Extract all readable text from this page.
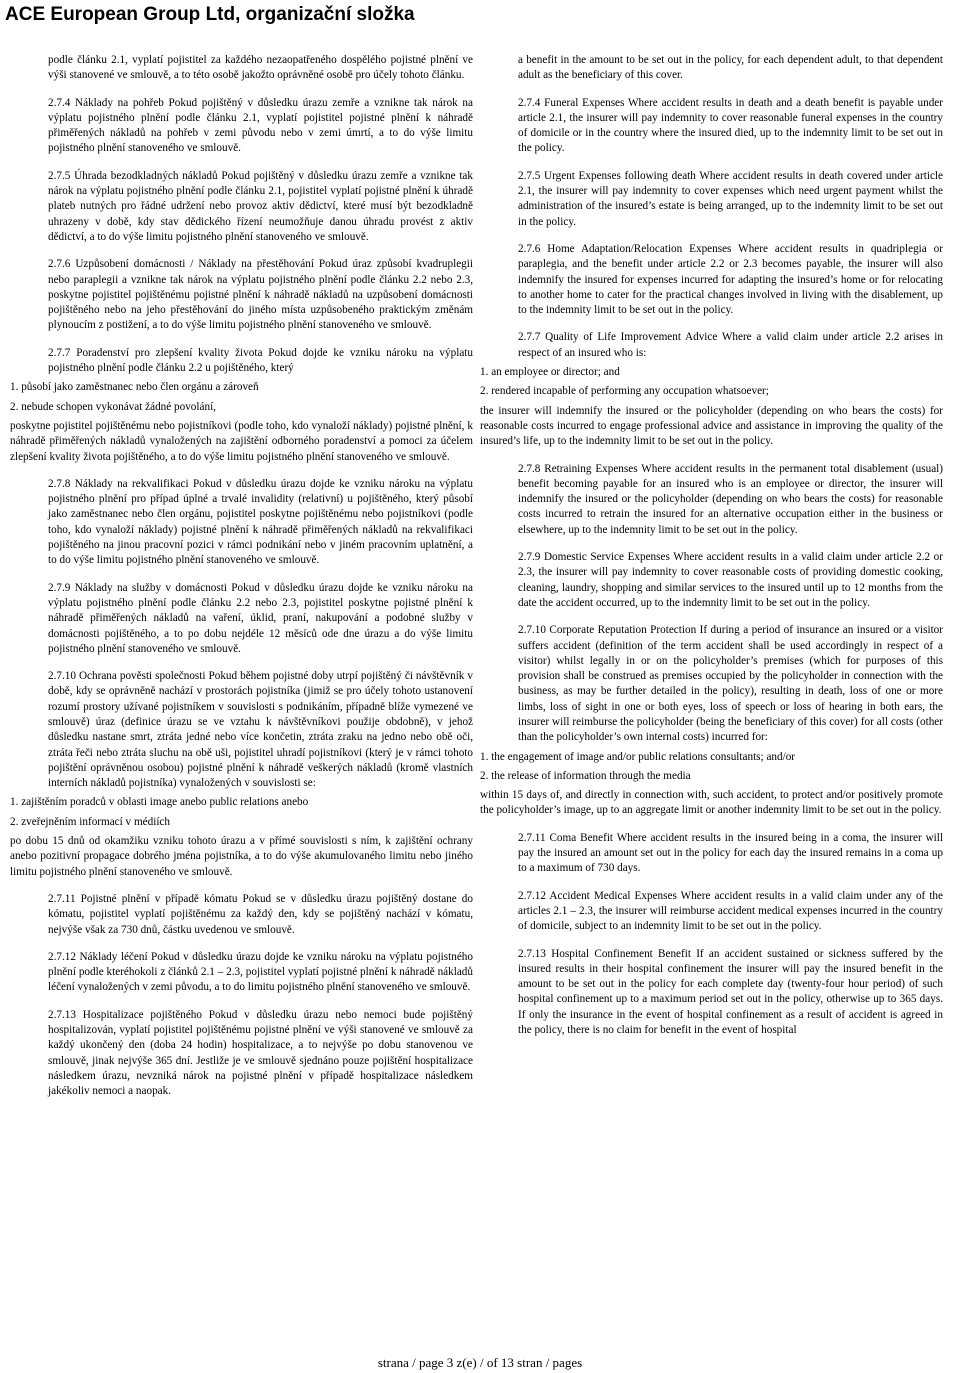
ACE European Group Ltd, organizační složka
podle článku 2.1, vyplatí pojistitel za každého nezaopatřeného dospělého pojistné plnění ve výši stanovené ve smlouvě, a to této osobě jakožto oprávněné osobě pro účely tohoto článku.
2.7.4 Náklady na pohřeb Pokud pojištěný v důsledku úrazu zemře a vznikne tak nárok na výplatu pojistného plnění podle článku 2.1, vyplatí pojistitel pojistné plnění k náhradě přiměřených nákladů na pohřeb v zemi původu nebo v zemi úmrtí, a to do výše limitu pojistného plnění stanoveného ve smlouvě.
2.7.5 Úhrada bezodkladných nákladů Pokud pojištěný v důsledku úrazu zemře a vznikne tak nárok na výplatu pojistného plnění podle článku 2.1, pojistitel vyplatí pojistné plnění k úhradě plateb nutných pro řádné udržení nebo provoz aktiv dědictví, které musí být bezodkladně uhrazeny v době, kdy stav dědického řízení neumožňuje danou úhradu provést z aktiv dědictví, a to do výše limitu pojistného plnění stanoveného ve smlouvě.
2.7.6 Uzpůsobení domácnosti / Náklady na přestěhování Pokud úraz způsobí kvadruplegii nebo paraplegii a vznikne tak nárok na výplatu pojistného plnění podle článku 2.2 nebo 2.3, poskytne pojistitel pojištěnému pojistné plnění k náhradě nákladů na uzpůsobení domácnosti pojištěného nebo na jeho přestěhování do jiného místa uzpůsobeného praktickým změnám plynoucím z postižení, a to do výše limitu pojistného plnění stanoveného ve smlouvě.
2.7.7 Poradenství pro zlepšení kvality života Pokud dojde ke vzniku nároku na výplatu pojistného plnění podle článku 2.2 u pojištěného, který
1. působí jako zaměstnanec nebo člen orgánu a zároveň
2. nebude schopen vykonávat žádné povolání,
poskytne pojistitel pojištěnému nebo pojistníkovi (podle toho, kdo vynaloží náklady) pojistné plnění, k náhradě přiměřených nákladů vynaložených na zajištění odborného poradenství a pomoci za účelem zlepšení kvality života pojištěného, a to do výše limitu pojistného plnění stanoveného ve smlouvě.
2.7.8 Náklady na rekvalifikaci Pokud v důsledku úrazu dojde ke vzniku nároku na výplatu pojistného plnění pro případ úplné a trvalé invalidity (relativní) u pojištěného, který působí jako zaměstnanec nebo člen orgánu, pojistitel poskytne pojištěnému nebo pojistníkovi (podle toho, kdo vynaloží náklady) pojistné plnění k náhradě přiměřených nákladů na rekvalifikaci pojištěného na jinou pracovní pozici v rámci podnikání nebo v jiném pracovním uplatnění, a to do výše limitu pojistného plnění stanoveného ve smlouvě.
2.7.9 Náklady na služby v domácnosti Pokud v důsledku úrazu dojde ke vzniku nároku na výplatu pojistného plnění podle článku 2.2 nebo 2.3, pojistitel poskytne pojistné plnění k náhradě přiměřených nákladů na vaření, úklid, praní, nakupování a podobné služby v domácnosti pojištěného, a to po dobu nejdéle 12 měsíců ode dne úrazu a do výše limitu pojistného plnění stanoveného ve smlouvě.
2.7.10 Ochrana pověsti společnosti Pokud během pojistné doby utrpí pojištěný či návštěvník v době, kdy se oprávněně nachází v prostorách pojistníka (jimiž se pro účely tohoto ustanovení rozumí prostory užívané pojistníkem v souvislosti s podnikáním, případně blíže vymezené ve smlouvě) úraz (definice úrazu se ve vztahu k návštěvníkovi použije obdobně), v jehož důsledku nastane smrt, ztráta jedné nebo více končetin, ztráta zraku na jedno nebo obě oči, ztráta řeči nebo ztráta sluchu na obě uši, pojistitel uhradí pojistníkovi (který je v rámci tohoto pojištění oprávněnou osobou) pojistné plnění k náhradě veškerých nákladů (kromě vlastních interních nákladů pojistníka) vynaložených v souvislosti se:
1. zajištěním poradců v oblasti image anebo public relations anebo
2. zveřejněním informací v médiích
po dobu 15 dnů od okamžiku vzniku tohoto úrazu a v přímé souvislosti s ním, k zajištění ochrany anebo pozitivní propagace dobrého jména pojistníka, a to do výše akumulovaného limitu nebo jiného limitu pojistného plnění stanoveného ve smlouvě.
2.7.11 Pojistné plnění v případě kómatu Pokud se v důsledku úrazu pojištěný dostane do kómatu, pojistitel vyplatí pojištěnému za každý den, kdy se pojištěný nachází v kómatu, nejvýše však za 730 dnů, částku uvedenou ve smlouvě.
2.7.12 Náklady léčení Pokud v důsledku úrazu dojde ke vzniku nároku na výplatu pojistného plnění podle kteréhokoli z článků 2.1 – 2.3, pojistitel vyplatí pojistné plnění k náhradě nákladů léčení vynaložených v zemi původu, a to do limitu pojistného plnění stanoveného ve smlouvě.
2.7.13 Hospitalizace pojištěného Pokud v důsledku úrazu nebo nemoci bude pojištěný hospitalizován, vyplatí pojistitel pojištěnému pojistné plnění ve výši stanovené ve smlouvě za každý ukončený den (doba 24 hodin) hospitalizace, a to nejvýše po dobu stanovenou ve smlouvě, jinak nejvýše 365 dní. Jestliže je ve smlouvě sjednáno pouze pojištění hospitalizace následkem úrazu, nevzniká nárok na pojistné plnění v případě hospitalizace následkem jakékoliv nemoci a naopak.
a benefit in the amount to be set out in the policy, for each dependent adult, to that dependent adult as the beneficiary of this cover.
2.7.4 Funeral Expenses Where accident results in death and a death benefit is payable under article 2.1, the insurer will pay indemnity to cover reasonable funeral expenses in the country of domicile or in the country where the insured died, up to the indemnity limit to be set out in the policy.
2.7.5 Urgent Expenses following death Where accident results in death covered under article 2.1, the insurer will pay indemnity to cover expenses which need urgent payment whilst the administration of the insured’s estate is being arranged, up to the indemnity limit to be set out in the policy.
2.7.6 Home Adaptation/Relocation Expenses Where accident results in quadriplegia or paraplegia, and the benefit under article 2.2 or 2.3 becomes payable, the insurer will also indemnify the insured for expenses incurred for adapting the insured’s home or for relocating to another home to cater for the practical changes involved in living with the disablement, up to the indemnity limit to be set out in the policy.
2.7.7 Quality of Life Improvement Advice Where a valid claim under article 2.2 arises in respect of an insured who is:
1. an employee or director; and
2. rendered incapable of performing any occupation whatsoever;
the insurer will indemnify the insured or the policyholder (depending on who bears the costs) for reasonable costs incurred to engage professional advice and assistance in improving the quality of the insured’s life, up to the indemnity limit to be set out in the policy.
2.7.8 Retraining Expenses Where accident results in the permanent total disablement (usual) benefit becoming payable for an insured who is an employee or director, the insurer will indemnify the insured or the policyholder (depending on who bears the costs) for reasonable costs incurred to retrain the insured for an alternative occupation either in the business or elsewhere, up to the indemnity limit to be set out in the policy.
2.7.9 Domestic Service Expenses Where accident results in a valid claim under article 2.2 or 2.3, the insurer will pay indemnity to cover reasonable costs of providing domestic cooking, cleaning, laundry, shopping and similar services to the insured until up to 12 months from the date the accident occurred, up to the indemnity limit to be set out in the policy.
2.7.10 Corporate Reputation Protection If during a period of insurance an insured or a visitor suffers accident (definition of the term accident shall be used accordingly in respect of a visitor) whilst legally in or on the policyholder’s premises (which for purposes of this provision shall be construed as premises occupied by the policyholder in connection with the business, as may be further detailed in the policy), resulting in death, loss of one or more limbs, loss of sight in one or both eyes, loss of speech or loss of hearing in both ears, the insurer will reimburse the policyholder (being the beneficiary of this cover) for all costs (other than the policyholder’s own internal costs) incurred for:
1. the engagement of image and/or public relations consultants; and/or
2. the release of information through the media
within 15 days of, and directly in connection with, such accident, to protect and/or positively promote the policyholder’s image, up to an aggregate limit or another indemnity limit to be set out in the policy.
2.7.11 Coma Benefit Where accident results in the insured being in a coma, the insurer will pay the insured an amount set out in the policy for each day the insured remains in a coma up to a maximum of 730 days.
2.7.12 Accident Medical Expenses Where accident results in a valid claim under any of the articles 2.1 – 2.3, the insurer will reimburse accident medical expenses incurred in the country of domicile, subject to an indemnity limit to be set out in the policy.
2.7.13 Hospital Confinement Benefit If an accident sustained or sickness suffered by the insured results in their hospital confinement the insurer will pay the insured benefit in the amount to be set out in the policy for each complete day (twenty-four hour period) of such hospital confinement up to a maximum period set out in the policy, otherwise up to 365 days. If only the insurance in the event of hospital confinement as a result of accident is agreed in the policy, there is no claim for benefit in the event of hospital
strana / page 3 z(e) / of 13 stran / pages
